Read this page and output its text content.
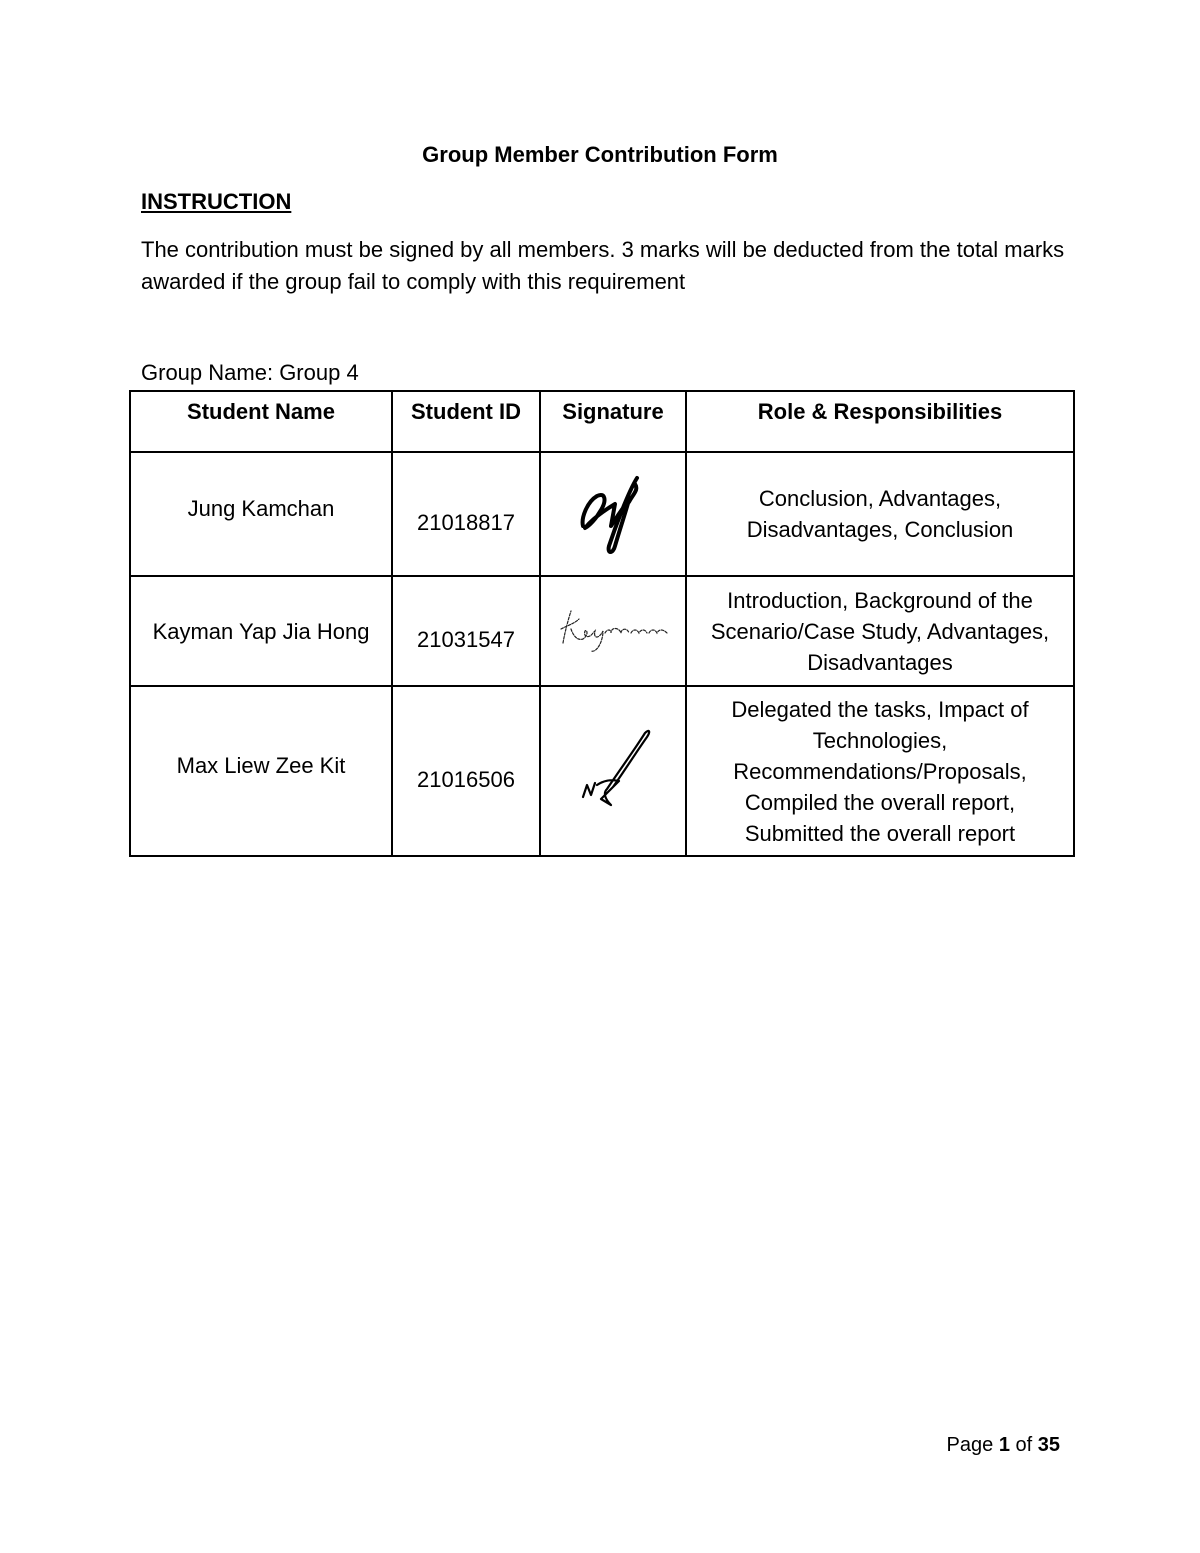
Group Member Contribution Form
INSTRUCTION
The contribution must be signed by all members. 3 marks will be deducted from the total marks awarded if the group fail to comply with this requirement
Group Name: Group 4
Student Name	Student ID	Signature	Role & Responsibilities
Jung Kamchan	21018817		Conclusion, Advantages,
Disadvantages, Conclusion

Kayman Yap Jia Hong	21031547		Introduction, Background of the
Scenario/Case Study, Advantages,
Disadvantages

Max Liew Zee Kit	21016506		Delegated the tasks, Impact of
Technologies,
Recommendations/Proposals,
Compiled the overall report,
Submitted the overall report
Page 1 of 35
